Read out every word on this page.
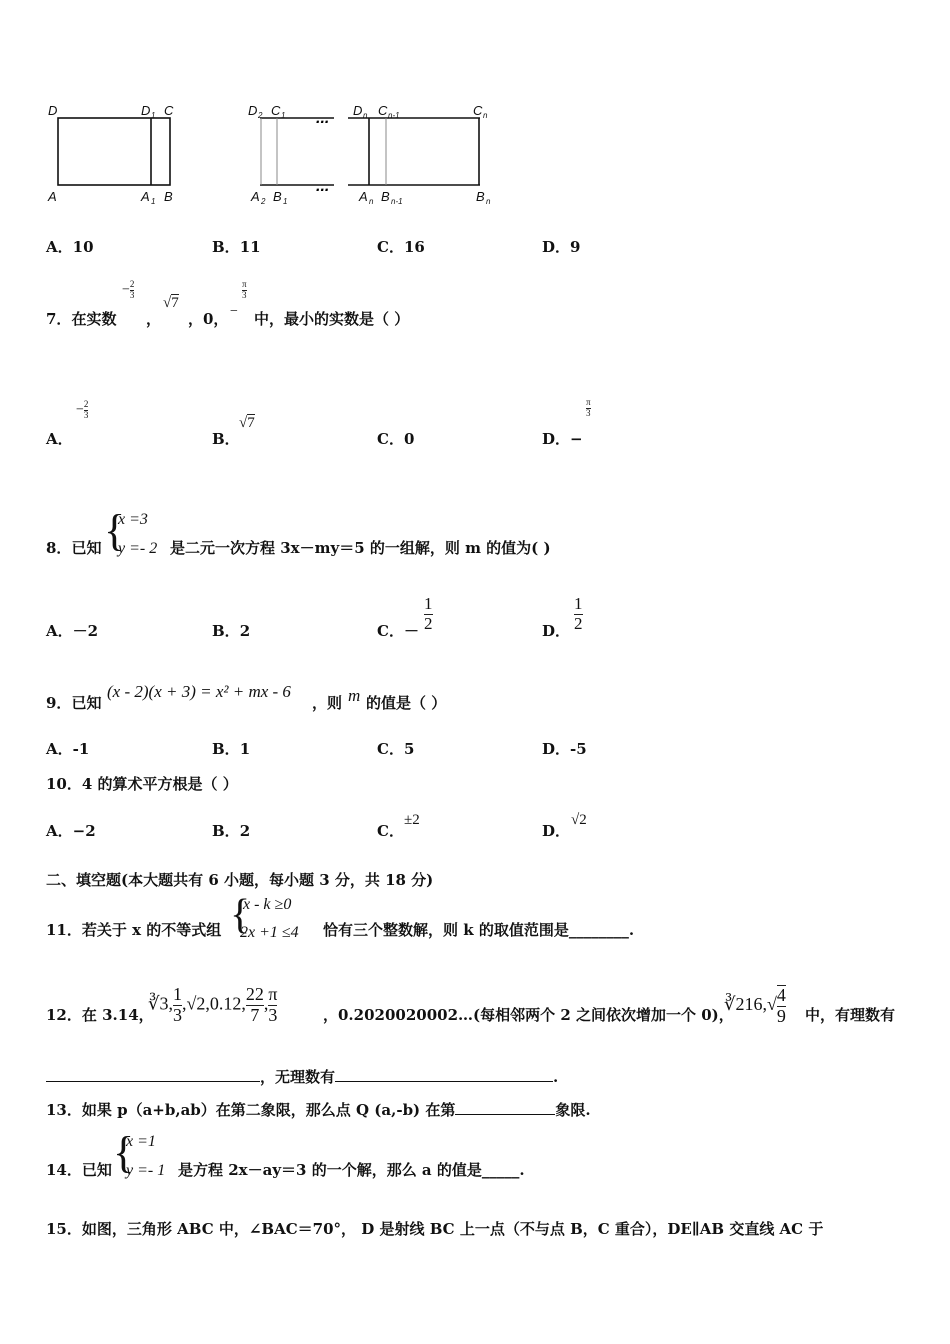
...
...
D	D 1 C	D 2 C 1	D n C n-1	C n
A	A 1 B	A 2 B 1	A n B n-1	B n
A．10	B．11	C．16	D．9
7．在实数
− $\frac{2}{3}$
，
√7
，0， −
$\frac{\pi}{3}$
中，最小的实数是（ ）
A．
− $\frac{2}{3}$
B．
√7
C．0	D．−
$\frac{\pi}{3}$
8．已知 {
x =3
y =- 2 是二元一次方程 3x－my＝5 的一组解，则 m 的值为( )
A．－2	B．2	C．－ $\frac{1}{2}$	D． $\frac{1}{2}$
9．已知
(x - 2)(x + 3) = x² + mx - 6
，则 m 的值是（ ）
A．-1	B．1	C．5	D．-5
10．4 的算术平方根是（ ）
A．−2	B．2	C．
±2
D．
√2
二、填空题(本大题共有 6 小题，每小题 3 分，共 18 分)
11．若关于 x 的不等式组 {
x - k ≥0
2x +1 ≤4 恰有三个整数解，则 k 的取值范围是________.
12．在 3.14，
∛3, $\frac{1}{3} ,√2,0.12$, $\frac{22}{7}$ , $\frac{\pi}{3}$	，0.2020020002…(每相邻两个 2 之间依次增加一个 0)，
∛216,√ $\frac{4}{9}$ 中，有理数有
，无理数有	.
13．如果 p（a+b,ab）在第二象限，那么点 Q (a,-b) 在第	象限.
14．已知 {
x =1
y =- 1 是方程 2x－ay＝3 的一个解，那么 a 的值是_____.
15．如图，三角形 ABC 中，∠BAC＝70°， D 是射线 BC 上一点（不与点 B，C 重合），DE∥AB 交直线 AC 于
